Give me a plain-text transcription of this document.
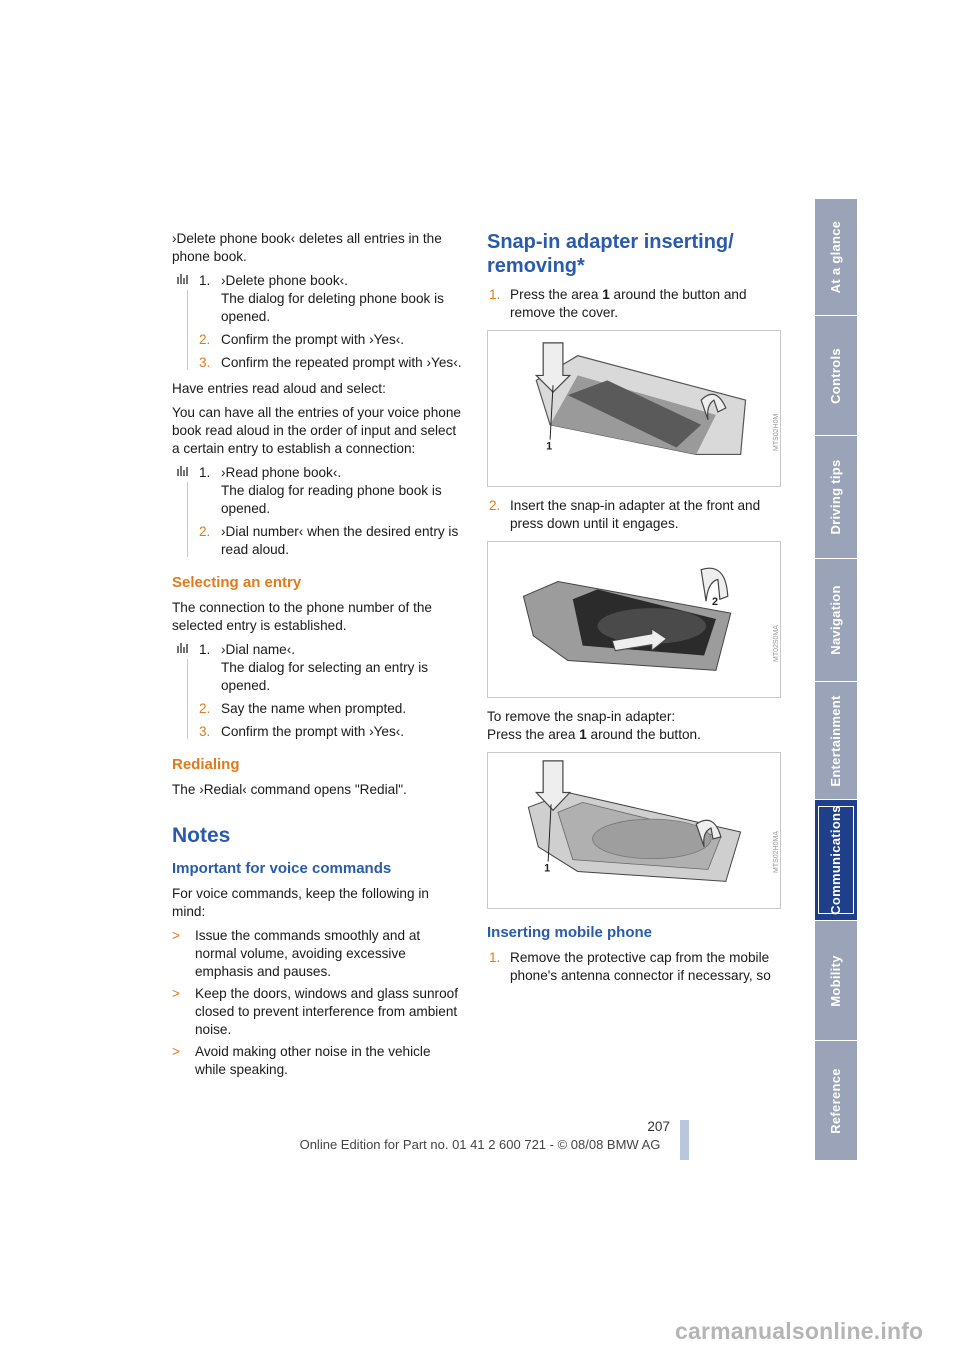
›Delete phone book‹ deletes all entries in the phone book.

1. ›Delete phone book‹.
The dialog for deleting phone book is opened.
2. Confirm the prompt with ›Yes‹.
3. Confirm the repeated prompt with ›Yes‹.

Have entries read aloud and select:

You can have all the entries of your voice phone book read aloud in the order of input and select a certain entry to establish a connection:

1. ›Read phone book‹.
The dialog for reading phone book is opened.
2. ›Dial number‹ when the desired entry is read aloud.
Selecting an entry

The connection to the phone number of the selected entry is established.

1. ›Dial name‹.
The dialog for selecting an entry is opened.
2. Say the name when prompted.
3. Confirm the prompt with ›Yes‹.
Redialing

The ›Redial‹ command opens "Redial".

Notes
Important for voice commands

For voice commands, keep the following in mind:

> Issue the commands smoothly and at normal volume, avoiding excessive emphasis and pauses.
> Keep the doors, windows and glass sunroof closed to prevent interference from ambient noise.
> Avoid making other noise in the vehicle while speaking.
Snap-in adapter inserting/ removing*
1. Press the area 1 around the button and remove the cover.
1	MTS02H0M
2. Insert the snap-in adapter at the front and press down until it engages.
2
MT02S0MA

To remove the snap-in adapter:

Press the area 1 around the button.

1	MTS02H0MA
Inserting mobile phone
1. Remove the protective cap from the mobile phone's antenna connector if necessary, so
At a glance
Controls
Driving tips
Navigation
Entertainment
Communications
Mobility
Reference
207
Online Edition for Part no. 01 41 2 600 721 - © 08/08 BMW AG
carmanualsonline.info
